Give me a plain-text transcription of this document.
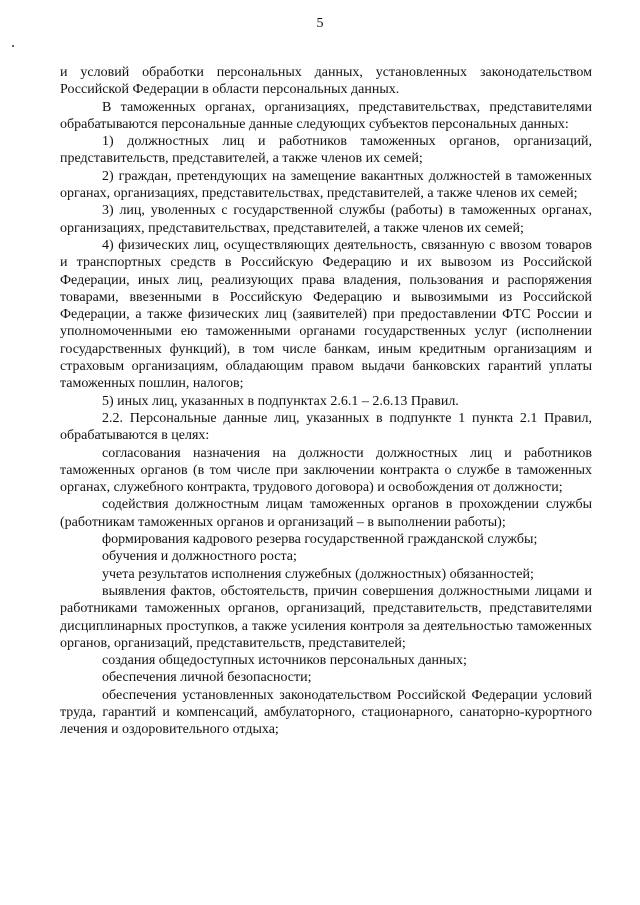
5

и условий обработки персональных данных, установленных законодательством Российской Федерации в области персональных данных.

В таможенных органах, организациях, представительствах, представителями обрабатываются персональные данные следующих субъектов персональных данных:

1) должностных лиц и работников таможенных органов, организаций, представительств, представителей, а также членов их семей;

2) граждан, претендующих на замещение вакантных должностей в таможенных органах, организациях, представительствах, представителей, а также членов их семей;

3) лиц, уволенных с государственной службы (работы) в таможенных органах, организациях, представительствах, представителей, а также членов их семей;

4) физических лиц, осуществляющих деятельность, связанную с ввозом товаров и транспортных средств в Российскую Федерацию и их вывозом из Российской Федерации, иных лиц, реализующих права владения, пользования и распоряжения товарами, ввезенными в Российскую Федерацию и вывозимыми из Российской Федерации, а также физических лиц (заявителей) при предоставлении ФТС России и уполномоченными ею таможенными органами государственных услуг (исполнении государственных функций), в том числе банкам, иным кредитным организациям и страховым организациям, обладающим правом выдачи банковских гарантий уплаты таможенных пошлин, налогов;

5) иных лиц, указанных в подпунктах 2.6.1 – 2.6.13 Правил.

2.2. Персональные данные лиц, указанных в подпункте 1 пункта 2.1 Правил, обрабатываются в целях:

согласования назначения на должности должностных лиц и работников таможенных органов (в том числе при заключении контракта о службе в таможенных органах, служебного контракта, трудового договора) и освобождения от должности;

содействия должностным лицам таможенных органов в прохождении службы (работникам таможенных органов и организаций – в выполнении работы);

формирования кадрового резерва государственной гражданской службы;

обучения и должностного роста;

учета результатов исполнения служебных (должностных) обязанностей;

выявления фактов, обстоятельств, причин совершения должностными лицами и работниками таможенных органов, организаций, представительств, представителями дисциплинарных проступков, а также усиления контроля за деятельностью таможенных органов, организаций, представительств, представителей;

создания общедоступных источников персональных данных;

обеспечения личной безопасности;

обеспечения установленных законодательством Российской Федерации условий труда, гарантий и компенсаций, амбулаторного, стационарного, санаторно-курортного лечения и оздоровительного отдыха;
